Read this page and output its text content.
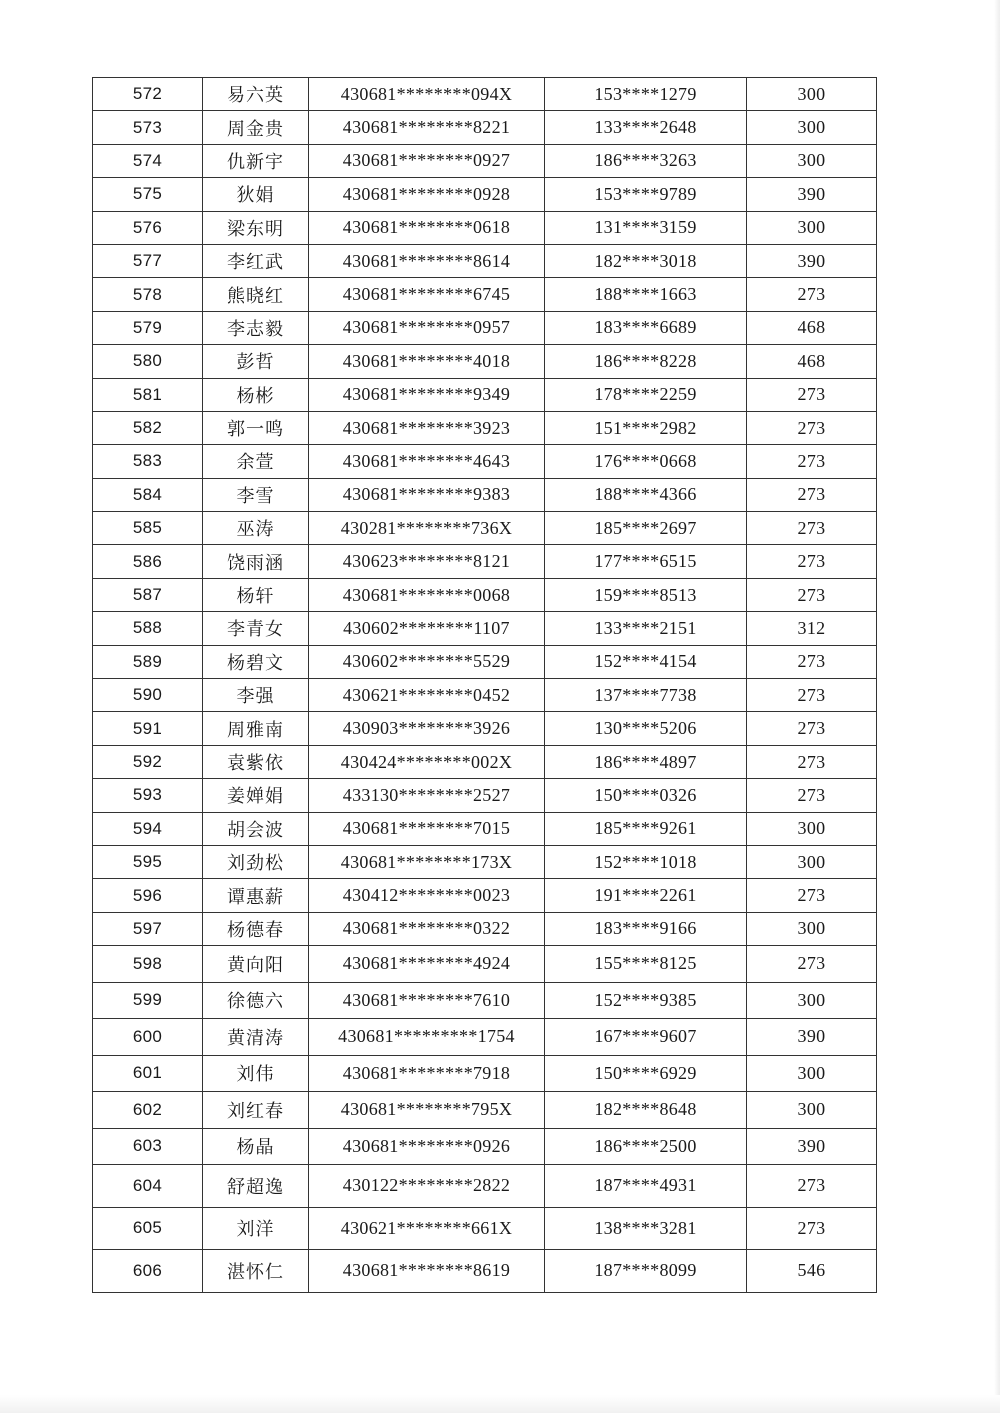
572	易六英	430681********094X	153****1279	300
573	周金贵	430681********8221	133****2648	300
574	仇新宇	430681********0927	186****3263	300
575	狄娟	430681********0928	153****9789	390
576	梁东明	430681********0618	131****3159	300
577	李红武	430681********8614	182****3018	390
578	熊晓红	430681********6745	188****1663	273
579	李志毅	430681********0957	183****6689	468
580	彭哲	430681********4018	186****8228	468
581	杨彬	430681********9349	178****2259	273
582	郭一鸣	430681********3923	151****2982	273
583	余萱	430681********4643	176****0668	273
584	李雪	430681********9383	188****4366	273
585	巫涛	430281********736X	185****2697	273
586	饶雨涵	430623********8121	177****6515	273
587	杨轩	430681********0068	159****8513	273
588	李青女	430602********1107	133****2151	312
589	杨碧文	430602********5529	152****4154	273
590	李强	430621********0452	137****7738	273
591	周雅南	430903********3926	130****5206	273
592	袁紫依	430424********002X	186****4897	273
593	姜婵娟	433130********2527	150****0326	273
594	胡会波	430681********7015	185****9261	300
595	刘劲松	430681********173X	152****1018	300
596	谭惠薪	430412********0023	191****2261	273
597	杨德春	430681********0322	183****9166	300
598	黄向阳	430681********4924	155****8125	273
599	徐德六	430681********7610	152****9385	300
600	黄清涛	430681*********1754	167****9607	390
601	刘伟	430681********7918	150****6929	300
602	刘红春	430681********795X	182****8648	300
603	杨晶	430681********0926	186****2500	390
604	舒超逸	430122********2822	187****4931	273
605	刘洋	430621********661X	138****3281	273
606	湛怀仁	430681********8619	187****8099	546
